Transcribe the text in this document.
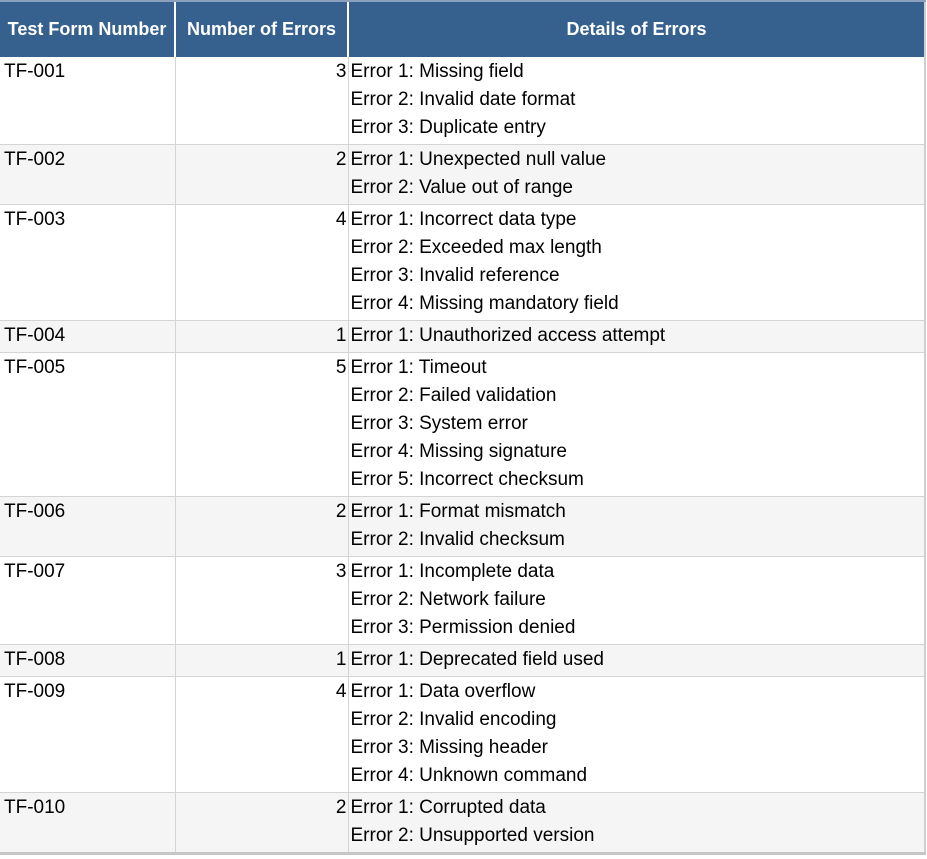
Test Form Number	Number of Errors	Details of Errors
TF-001	3	Error 1: Missing field
Error 2: Invalid date format
Error 3: Duplicate entry

TF-002	2	Error 1: Unexpected null value
Error 2: Value out of range

TF-003	4	Error 1: Incorrect data type
Error 2: Exceeded max length
Error 3: Invalid reference
Error 4: Missing mandatory field

TF-004	1	Error 1: Unauthorized access attempt

TF-005	5	Error 1: Timeout
Error 2: Failed validation
Error 3: System error
Error 4: Missing signature
Error 5: Incorrect checksum

TF-006	2	Error 1: Format mismatch
Error 2: Invalid checksum

TF-007	3	Error 1: Incomplete data
Error 2: Network failure
Error 3: Permission denied

TF-008	1	Error 1: Deprecated field used

TF-009	4	Error 1: Data overflow
Error 2: Invalid encoding
Error 3: Missing header
Error 4: Unknown command

TF-010	2	Error 1: Corrupted data
Error 2: Unsupported version
